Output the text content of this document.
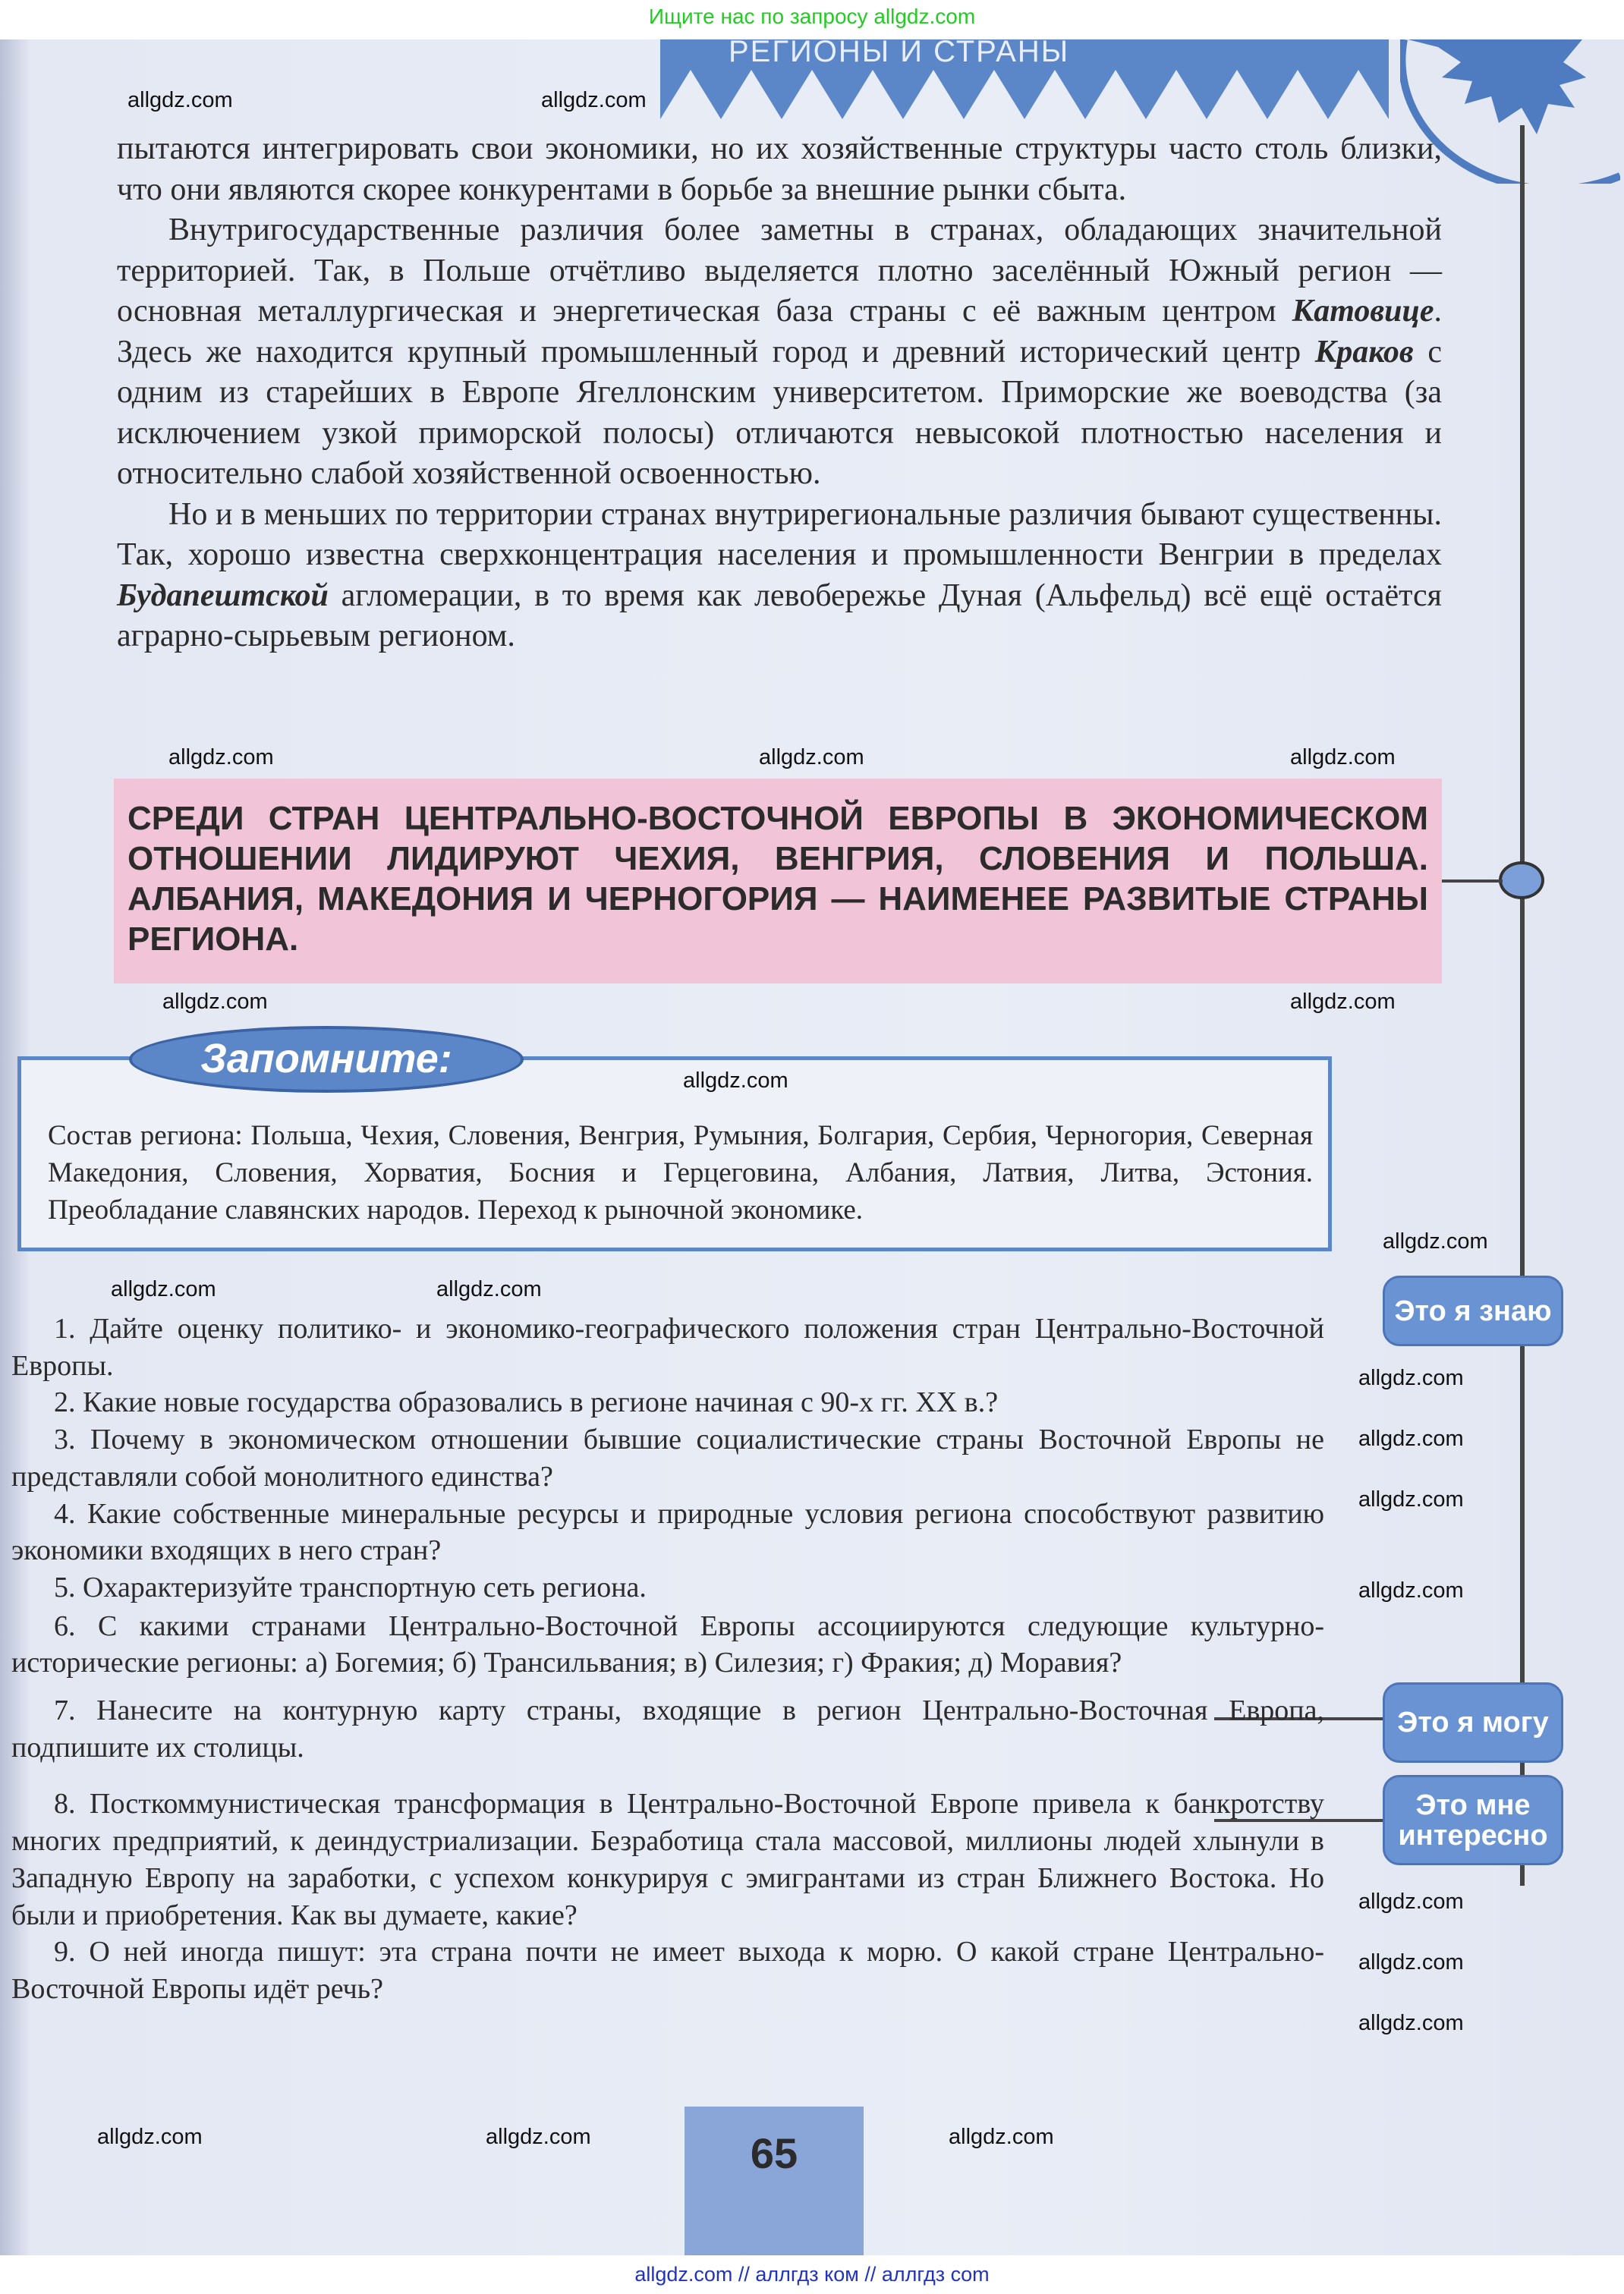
Ищите нас по запросу allgdz.com
РЕГИОНЫ И СТРАНЫ

пытаются интегрировать свои экономики, но их хозяйственные структуры часто столь близки, что они являются скорее конкурентами в борьбе за внешние рынки сбыта.

Внутригосударственные различия более заметны в странах, обладающих значительной территорией. Так, в Польше отчётливо выделяется плотно заселённый Южный регион — основная металлургическая и энергетическая база страны с её важным центром Катовице. Здесь же находится крупный промышленный город и древний исторический центр Краков с одним из старейших в Европе Ягеллонским университетом. Приморские же воеводства (за исключением узкой приморской полосы) отличаются невысокой плотностью населения и относительно слабой хозяйственной освоенностью.

Но и в меньших по территории странах внутрирегиональные различия бывают существенны. Так, хорошо известна сверхконцентрация населения и промышленности Венгрии в пределах Будапештской агломерации, в то время как левобережье Дуная (Альфельд) всё ещё остаётся аграрно-сырьевым регионом.

СРЕДИ СТРАН ЦЕНТРАЛЬНО-ВОСТОЧНОЙ ЕВРОПЫ В ЭКОНОМИЧЕСКОМ ОТНОШЕНИИ ЛИДИРУЮТ ЧЕХИЯ, ВЕНГРИЯ, СЛОВЕНИЯ И ПОЛЬША. АЛБАНИЯ, МАКЕДОНИЯ И ЧЕРНОГОРИЯ — НАИМЕНЕЕ РАЗВИТЫЕ СТРАНЫ РЕГИОНА.
Состав региона: Польша, Чехия, Словения, Венгрия, Румыния, Болгария, Сербия, Черногория, Северная Македония, Словения, Хорватия, Босния и Герцеговина, Албания, Латвия, Литва, Эстония. Преобладание славянских народов. Переход к рыночной экономике.
Запомните:

1. Дайте оценку политико- и экономико-географического положения стран Центрально-Восточной Европы.

2. Какие новые государства образовались в регионе начиная с 90-х гг. XX в.?

3. Почему в экономическом отношении бывшие социалистические страны Восточной Европы не представляли собой монолитного единства?

4. Какие собственные минеральные ресурсы и природные условия региона способствуют развитию экономики входящих в него стран?

5. Охарактеризуйте транспортную сеть региона.

6. С какими странами Центрально-Восточной Европы ассоциируются следующие культурно-исторические регионы: а) Богемия; б) Трансильвания; в) Силезия; г) Фракия; д) Моравия?

7. Нанесите на контурную карту страны, входящие в регион Центрально-Восточная Европа, подпишите их столицы.

8. Посткоммунистическая трансформация в Центрально-Восточной Европе привела к банкротству многих предприятий, к деиндустриализации. Безработица стала массовой, миллионы людей хлынули в Западную Европу на заработки, с успехом конкурируя с эмигрантами из стран Ближнего Востока. Но были и приобретения. Как вы думаете, какие?

9. О ней иногда пишут: эта страна почти не имеет выхода к морю. О какой стране Центрально-Восточной Европы идёт речь?

Это я знаю
Это я могу
Это мне интересно
65
allgdz.com	allgdz.com
allgdz.com	allgdz.com	allgdz.com
allgdz.com	allgdz.com
allgdz.com
allgdz.com
allgdz.com	allgdz.com
allgdz.com
allgdz.com
allgdz.com
allgdz.com
allgdz.com
allgdz.com
allgdz.com
allgdz.com	allgdz.com
allgdz.com
allgdz.com // аллгдз ком // аллгдз com
